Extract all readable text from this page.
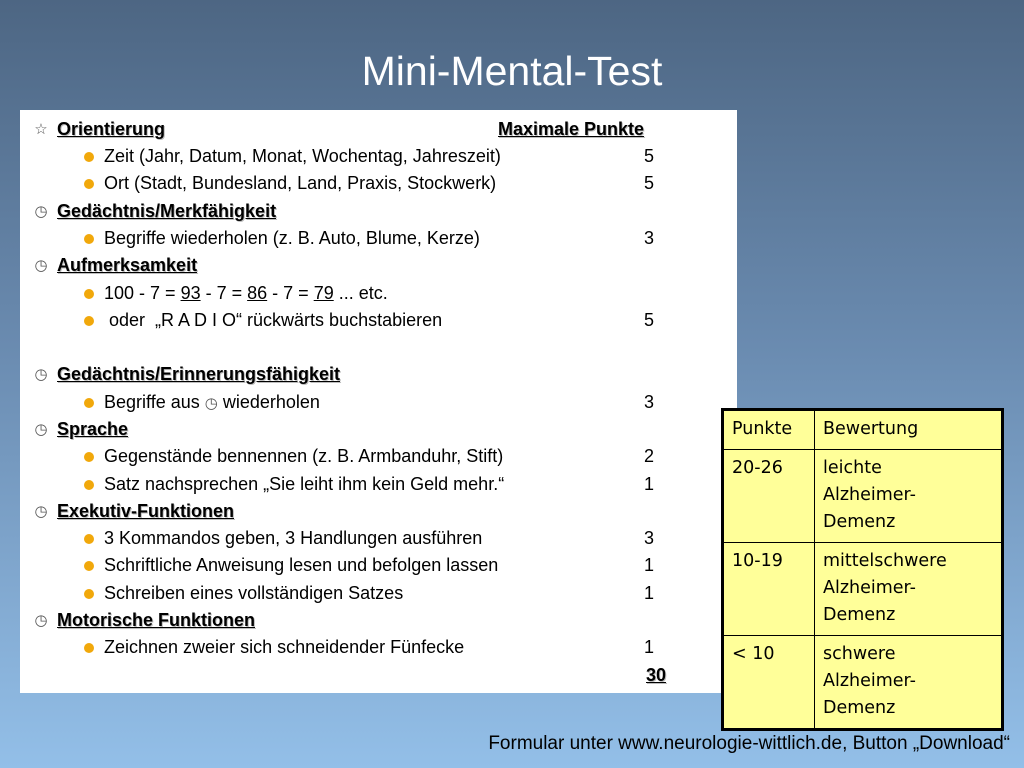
Mini-Mental-Test
☆ Orientierung	Maximale Punkte
Zeit (Jahr, Datum, Monat, Wochentag, Jahreszeit)	5
Ort (Stadt, Bundesland, Land, Praxis, Stockwerk)	5
◷ Gedächtnis/Merkfähigkeit
Begriffe wiederholen (z. B. Auto, Blume, Kerze)	3
◷ Aufmerksamkeit
100 - 7 = 93 - 7 = 86 - 7 = 79 ... etc.
oder  „R A D I O“ rückwärts buchstabieren	5
◷ Gedächtnis/Erinnerungsfähigkeit
Begriffe aus ◷ wiederholen	3
◷ Sprache
Gegenstände bennennen (z. B. Armbanduhr, Stift)	2
Satz nachsprechen „Sie leiht ihm kein Geld mehr.“	1
◷ Exekutiv-Funktionen
3 Kommandos geben, 3 Handlungen ausführen	3
Schriftliche Anweisung lesen und befolgen lassen	1
Schreiben eines vollständigen Satzes	1
◷ Motorische Funktionen
Zeichnen zweier sich schneidender Fünfecke	1
30
Punkte	Bewertung
20-26	leichte
Alzheimer-
Demenz
10-19	mittelschwere
Alzheimer-
Demenz
< 10	schwere
Alzheimer-
Demenz
Formular unter www.neurologie-wittlich.de, Button „Download“
